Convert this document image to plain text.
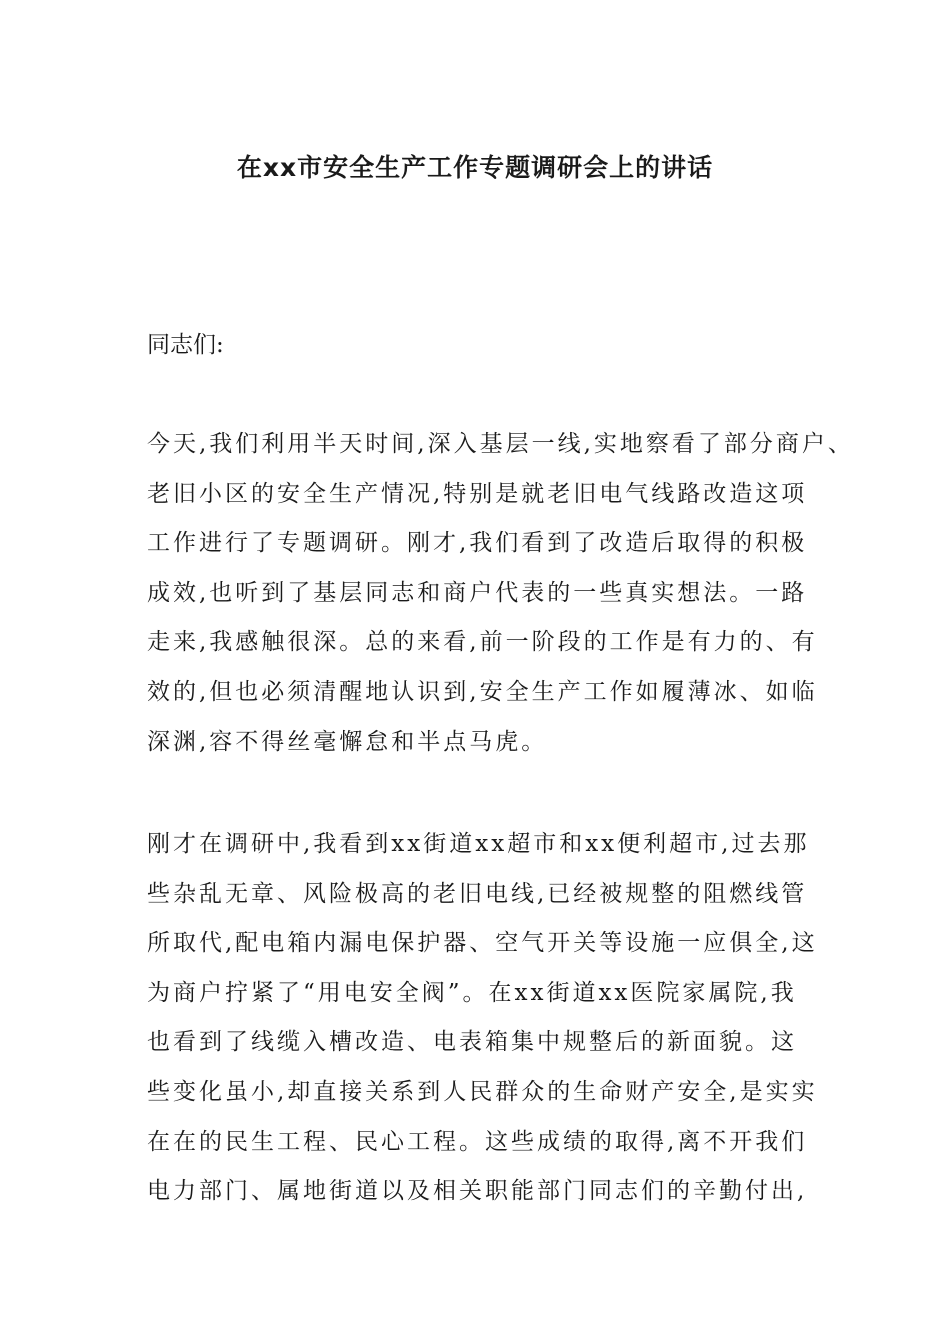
在xx市安全生产工作专题调研会上的讲话
同志们:
今天,我们利用半天时间,深入基层一线,实地察看了部分商户、
老旧小区的安全生产情况,特别是就老旧电气线路改造这项
工作进行了专题调研。刚才,我们看到了改造后取得的积极
成效,也听到了基层同志和商户代表的一些真实想法。一路
走来,我感触很深。总的来看,前一阶段的工作是有力的、有
效的,但也必须清醒地认识到,安全生产工作如履薄冰、如临
深渊,容不得丝毫懈怠和半点马虎。
刚才在调研中,我看到xx街道xx超市和xx便利超市,过去那
些杂乱无章、风险极高的老旧电线,已经被规整的阻燃线管
所取代,配电箱内漏电保护器、空气开关等设施一应俱全,这
为商户拧紧了“用电安全阀”。在xx街道xx医院家属院,我
也看到了线缆入槽改造、电表箱集中规整后的新面貌。这
些变化虽小,却直接关系到人民群众的生命财产安全,是实实
在在的民生工程、民心工程。这些成绩的取得,离不开我们
电力部门、属地街道以及相关职能部门同志们的辛勤付出,
